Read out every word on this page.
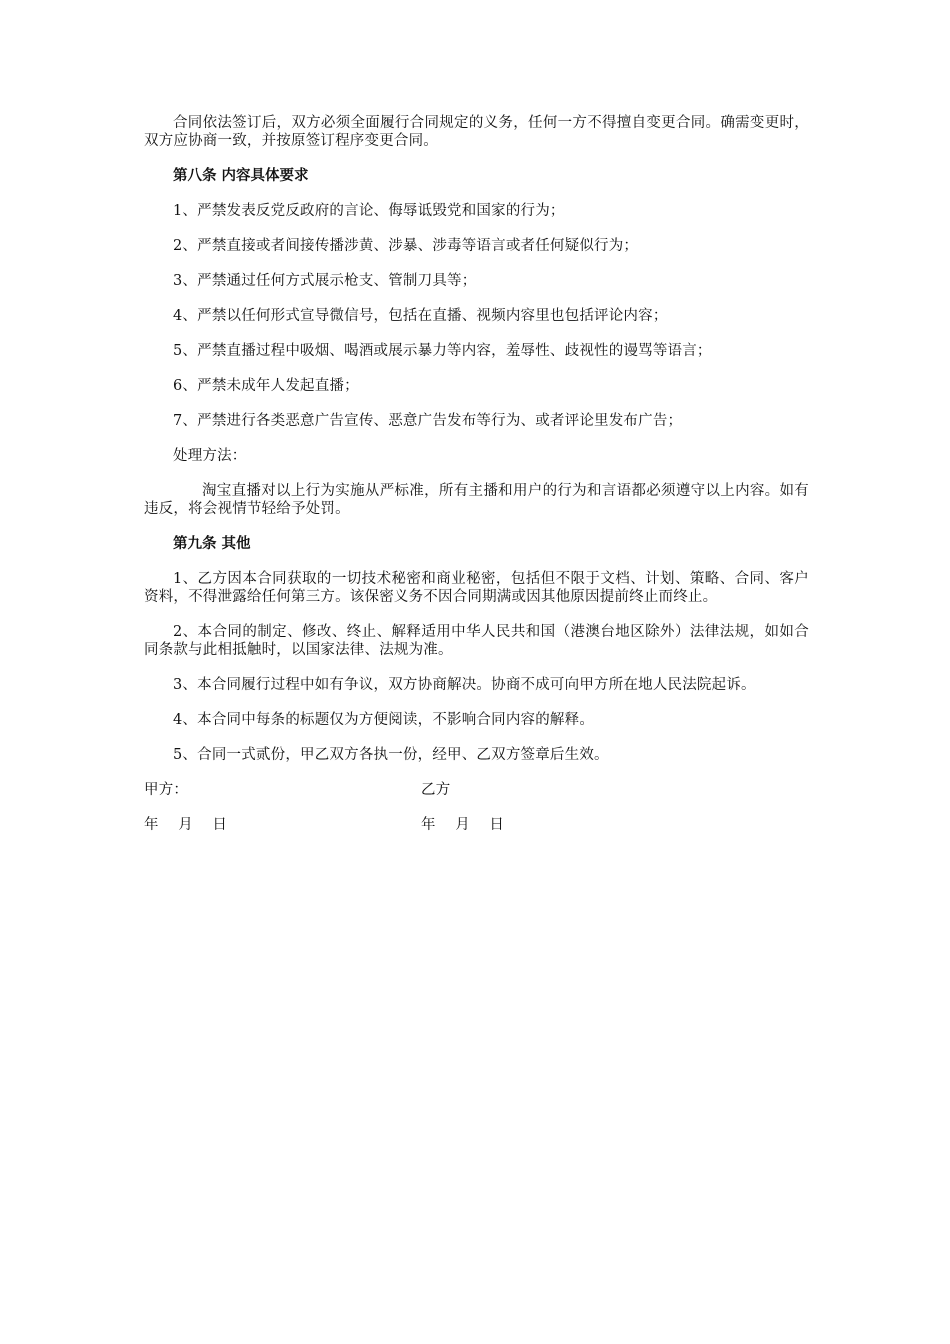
合同依法签订后，双方必须全面履行合同规定的义务，任何一方不得擅自变更合同。确需变更时，双方应协商一致，并按原签订程序变更合同。

第八条 内容具体要求

1、严禁发表反党反政府的言论、侮辱诋毁党和国家的行为；

2、严禁直接或者间接传播涉黄、涉暴、涉毒等语言或者任何疑似行为；

3、严禁通过任何方式展示枪支、管制刀具等；

4、严禁以任何形式宣导微信号，包括在直播、视频内容里也包括评论内容；

5、严禁直播过程中吸烟、喝酒或展示暴力等内容，羞辱性、歧视性的谩骂等语言；

6、严禁未成年人发起直播；

7、严禁进行各类恶意广告宣传、恶意广告发布等行为、或者评论里发布广告；

处理方法：

淘宝直播对以上行为实施从严标准，所有主播和用户的行为和言语都必须遵守以上内容。如有违反，将会视情节轻给予处罚。

第九条 其他

1、乙方因本合同获取的一切技术秘密和商业秘密，包括但不限于文档、计划、策略、合同、客户资料，不得泄露给任何第三方。该保密义务不因合同期满或因其他原因提前终止而终止。

2、本合同的制定、修改、终止、解释适用中华人民共和国（港澳台地区除外）法律法规，如如合同条款与此相抵触时，以国家法律、法规为准。

3、本合同履行过程中如有争议，双方协商解决。协商不成可向甲方所在地人民法院起诉。

4、本合同中每条的标题仅为方便阅读，不影响合同内容的解释。

5、合同一式贰份，甲乙双方各执一份，经甲、乙双方签章后生效。

甲方：	乙方
年　 月　 日	年　 月　 日
